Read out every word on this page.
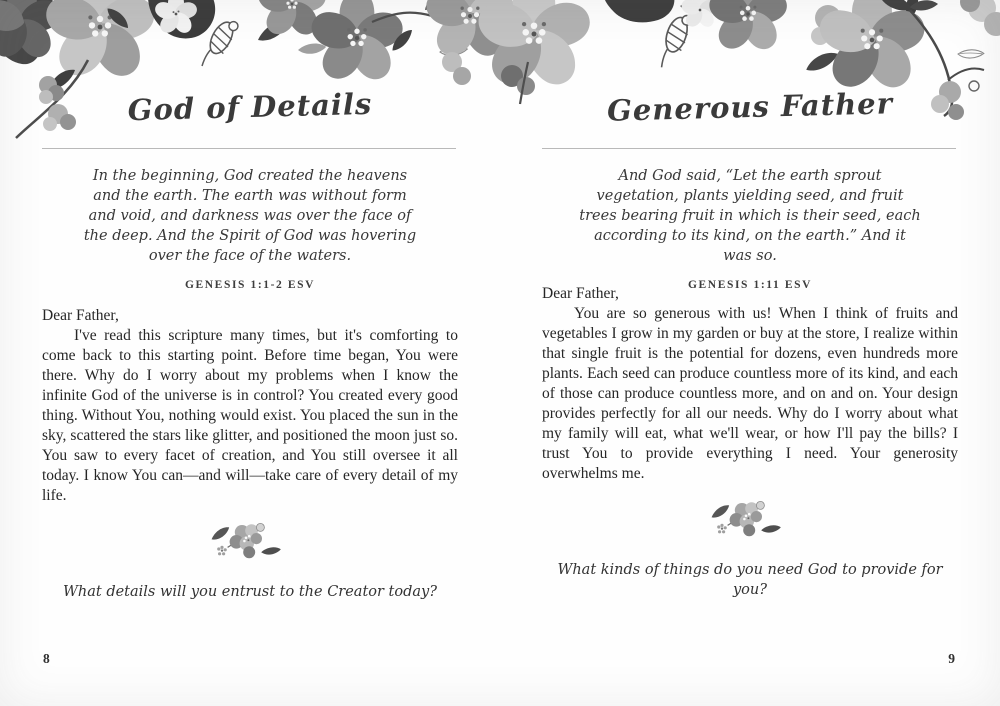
God of Details

In the beginning, God created the heavens and the earth. The earth was without form and void, and darkness was over the face of the deep. And the Spirit of God was hovering over the face of the waters.

GENESIS 1:1-2 ESV
Dear Father,

I've read this scripture many times, but it's comforting to come back to this starting point. Before time began, You were there. Why do I worry about my problems when I know the infinite God of the universe is in control? You created every good thing. Without You, nothing would exist. You placed the sun in the sky, scattered the stars like glitter, and positioned the moon just so. You saw to every facet of creation, and You still oversee it all today. I know You can—and will—take care of every detail of my life.

What details will you entrust to the Creator today?

8
Generous Father

And God said, “Let the earth sprout vegetation, plants yielding seed, and fruit trees bearing fruit in which is their seed, each according to its kind, on the earth.” And it was so.

GENESIS 1:11 ESV
Dear Father,

You are so generous with us! When I think of fruits and vegetables I grow in my garden or buy at the store, I realize within that single fruit is the potential for dozens, even hundreds more plants. Each seed can produce countless more of its kind, and each of those can produce countless more, and on and on. Your design provides perfectly for all our needs. Why do I worry about what my family will eat, what we'll wear, or how I'll pay the bills? I trust You to provide everything I need. Your generosity overwhelms me.

What kinds of things do you need God to provide for you?

9
